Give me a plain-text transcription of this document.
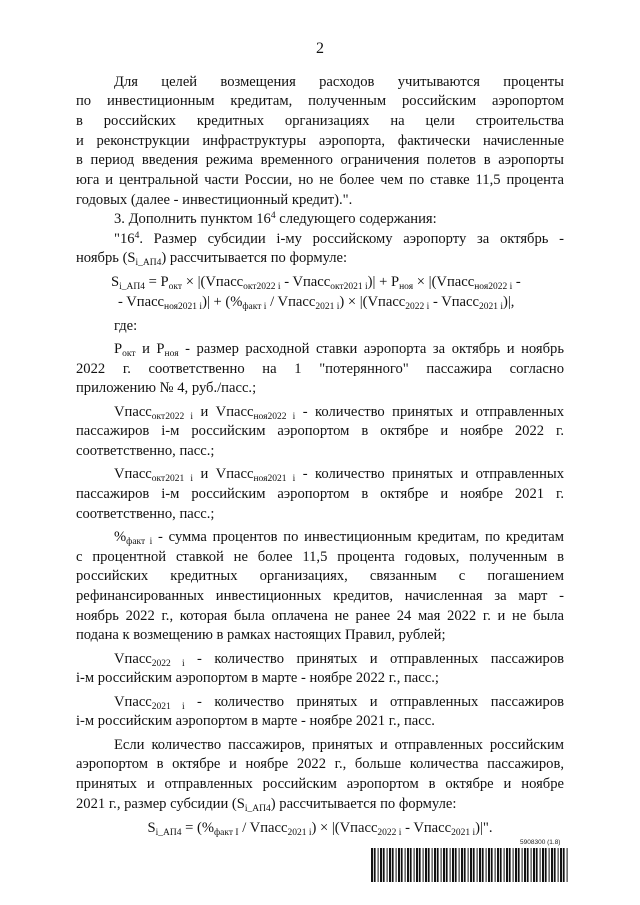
2
Для целей возмещения расходов учитываются проценты
по инвестиционным кредитам, полученным российским аэропортом
в российских кредитных организациях на цели строительства
и реконструкции инфраструктуры аэропорта, фактически начисленные
в период введения режима временного ограничения полетов в аэропорты
юга и центральной части России, но не более чем по ставке 11,5 процента
годовых (далее - инвестиционный кредит).".
3. Дополнить пунктом $16^4$ следующего содержания:
"$16^4$. Размер субсидии i-му российскому аэропорту за октябрь -
ноябрь $(S_{i\_АП4})$ рассчитывается по формуле:
$S_{i\_АП4} = P_{окт}$ × |(Vпасс$_{окт2022 i}$ - Vпасс$_{окт2021 i}$)| + $P_{ноя}$ × |(Vпасс$_{ноя2022 i}$ -
- Vпасс$_{ноя2021 i}$)| + ($\%_{факт i}$ / Vпасс$_{2021 i}$) × |(Vпасс$_{2022 i}$ - Vпасс$_{2021 i}$)|,
где:
$P_{окт}$ и $P_{ноя}$ - размер расходной ставки аэропорта за октябрь и ноябрь
2022 г. соответственно на 1 "потерянного" пассажира согласно
приложению № 4, руб./пасс.;
Vпасс$_{окт2022 i}$ и Vпасс$_{ноя2022 i}$ - количество принятых и отправленных
пассажиров i-м российским аэропортом в октябре и ноябре 2022 г.
соответственно, пасс.;
Vпасс$_{окт2021 i}$ и Vпасс$_{ноя2021 i}$ - количество принятых и отправленных
пассажиров i-м российским аэропортом в октябре и ноябре 2021 г.
соответственно, пасс.;
$\%_{факт i}$ - сумма процентов по инвестиционным кредитам, по кредитам
с процентной ставкой не более 11,5 процента годовых, полученным в
российских кредитных организациях, связанным с погашением
рефинансированных инвестиционных кредитов, начисленная за март -
ноябрь 2022 г., которая была оплачена не ранее 24 мая 2022 г. и не была
подана к возмещению в рамках настоящих Правил, рублей;
Vпасс$_{2022 i}$ - количество принятых и отправленных пассажиров
i-м российским аэропортом в марте - ноябре 2022 г., пасс.;
Vпасс$_{2021 i}$ - количество принятых и отправленных пассажиров
i-м российским аэропортом в марте - ноябре 2021 г., пасс.
Если количество пассажиров, принятых и отправленных российским
аэропортом в октябре и ноябре 2022 г., больше количества пассажиров,
принятых и отправленных российским аэропортом в октябре и ноябре
2021 г., размер субсидии $(S_{i\_АП4})$ рассчитывается по формуле:
$S_{i\_АП4} = (\%_{факт I}$ / Vпасс$_{2021 i}$) × |(Vпасс$_{2022 i}$ - Vпасс$_{2021 i}$)|".
5908300 (1.8)
